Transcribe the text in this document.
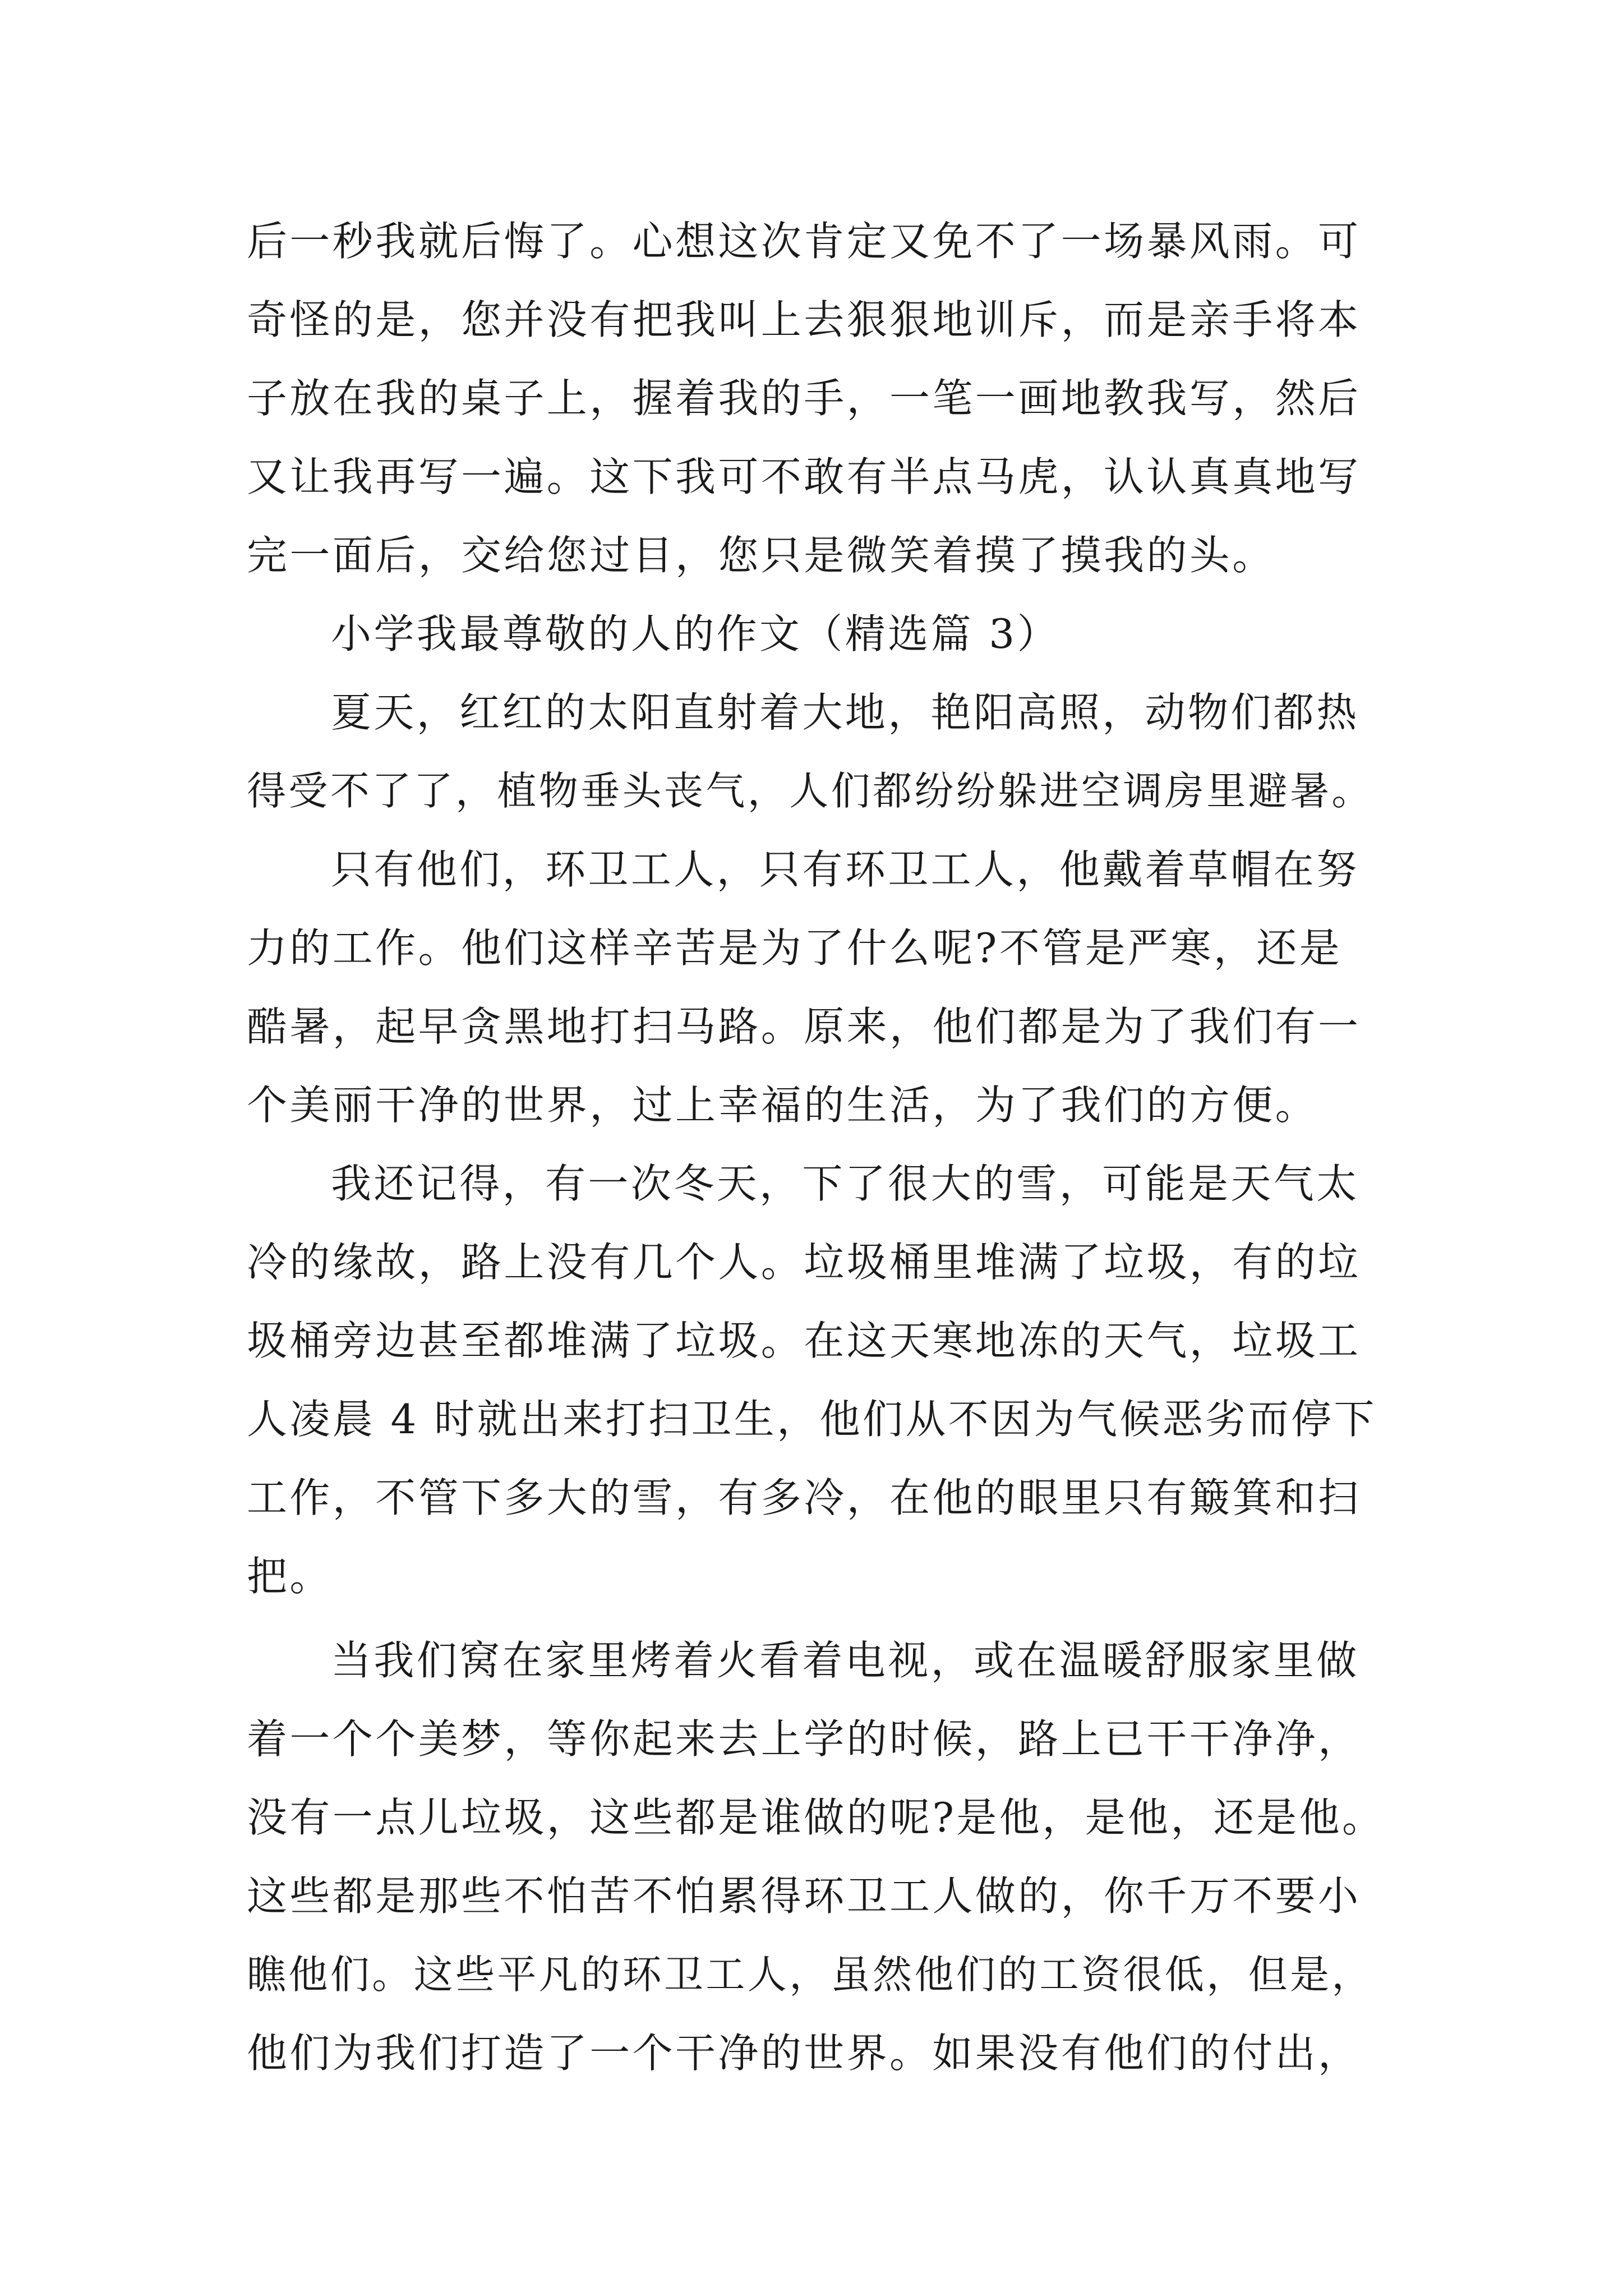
后一秒我就后悔了。心想这次肯定又免不了一场暴风雨。可
奇怪的是，您并没有把我叫上去狠狠地训斥，而是亲手将本
子放在我的桌子上，握着我的手，一笔一画地教我写，然后
又让我再写一遍。这下我可不敢有半点马虎，认认真真地写
完一面后，交给您过目，您只是微笑着摸了摸我的头。
小学我最尊敬的人的作文（精选篇 3）
夏天，红红的太阳直射着大地，艳阳高照，动物们都热
得受不了了，植物垂头丧气，人们都纷纷躲进空调房里避暑。
只有他们，环卫工人，只有环卫工人，他戴着草帽在努
力的工作。他们这样辛苦是为了什么呢?不管是严寒，还是
酷暑，起早贪黑地打扫马路。原来，他们都是为了我们有一
个美丽干净的世界，过上幸福的生活，为了我们的方便。
我还记得，有一次冬天，下了很大的雪，可能是天气太
冷的缘故，路上没有几个人。垃圾桶里堆满了垃圾，有的垃
圾桶旁边甚至都堆满了垃圾。在这天寒地冻的天气，垃圾工
人凌晨 4 时就出来打扫卫生，他们从不因为气候恶劣而停下
工作，不管下多大的雪，有多冷，在他的眼里只有簸箕和扫
把。
当我们窝在家里烤着火看着电视，或在温暖舒服家里做
着一个个美梦，等你起来去上学的时候，路上已干干净净，
没有一点儿垃圾，这些都是谁做的呢?是他，是他，还是他。
这些都是那些不怕苦不怕累得环卫工人做的，你千万不要小
瞧他们。这些平凡的环卫工人，虽然他们的工资很低，但是，
他们为我们打造了一个干净的世界。如果没有他们的付出，
